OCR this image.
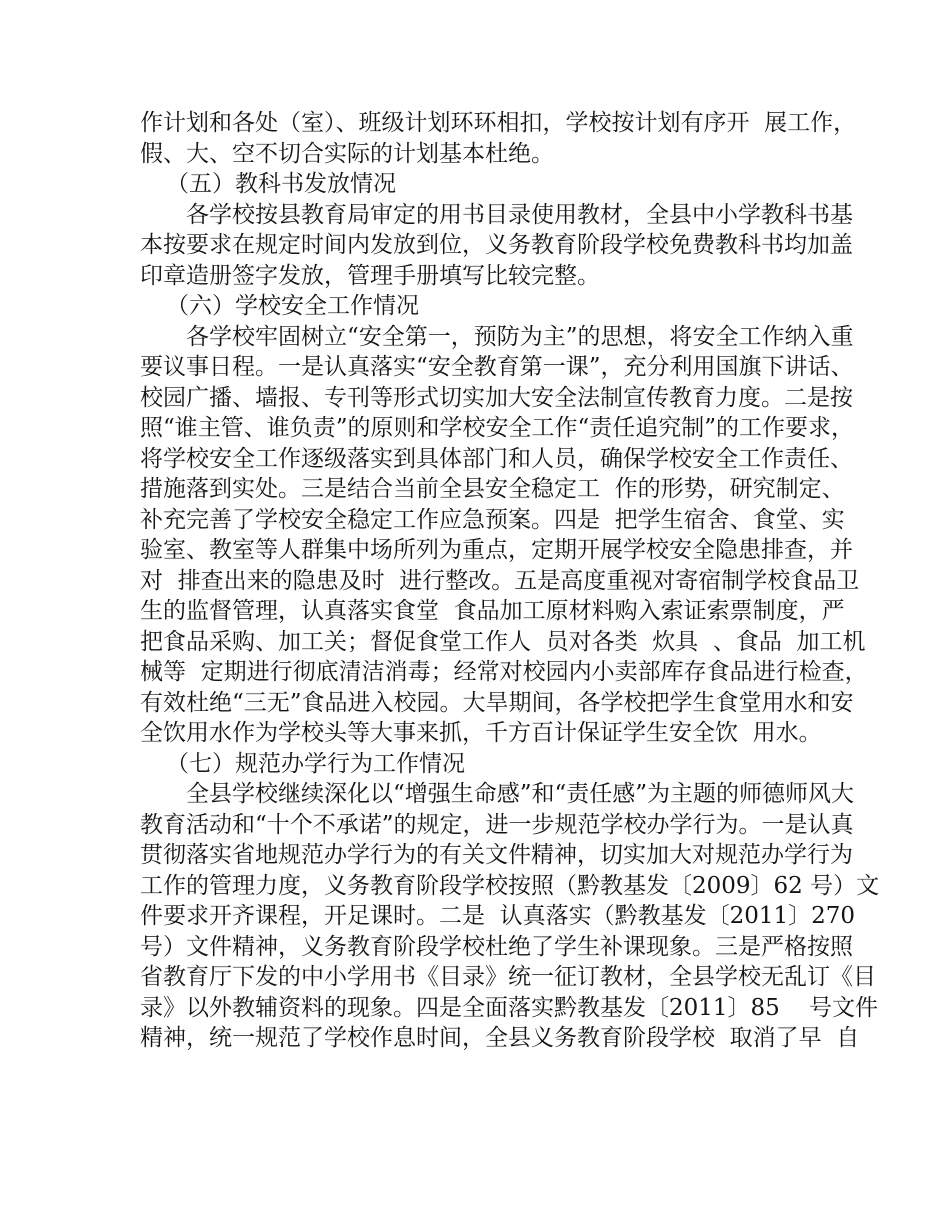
作计划和各处（室）、班级计划环环相扣，学校按计划有序开  展工作，
假、大、空不切合实际的计划基本杜绝。
（五）教科书发放情况
各学校按县教育局审定的用书目录使用教材，全县中小学教科书基
本按要求在规定时间内发放到位，义务教育阶段学校免费教科书均加盖
印章造册签字发放，管理手册填写比较完整。
（六）学校安全工作情况
各学校牢固树立“安全第一，预防为主”的思想，将安全工作纳入重
要议事日程。一是认真落实“安全教育第一课”，充分利用国旗下讲话、
校园广播、墙报、专刊等形式切实加大安全法制宣传教育力度。二是按
照“谁主管、谁负责”的原则和学校安全工作“责任追究制”的工作要求，
将学校安全工作逐级落实到具体部门和人员，确保学校安全工作责任、
措施落到实处。三是结合当前全县安全稳定工  作的形势，研究制定、
补充完善了学校安全稳定工作应急预案。四是  把学生宿舍、食堂、实
验室、教室等人群集中场所列为重点，定期开展学校安全隐患排查，并
对  排查出来的隐患及时  进行整改。五是高度重视对寄宿制学校食品卫
生的监督管理，认真落实食堂  食品加工原材料购入索证索票制度，严
把食品采购、加工关；督促食堂工作人  员对各类  炊具  、食品  加工机
械等  定期进行彻底清洁消毒；经常对校园内小卖部库存食品进行检查，
有效杜绝“三无”食品进入校园。大旱期间，各学校把学生食堂用水和安
全饮用水作为学校头等大事来抓，千方百计保证学生安全饮  用水。
（七）规范办学行为工作情况
全县学校继续深化以“增强生命感”和“责任感”为主题的师德师风大
教育活动和“十个不承诺”的规定，进一步规范学校办学行为。一是认真
贯彻落实省地规范办学行为的有关文件精神，切实加大对规范办学行为
工作的管理力度，义务教育阶段学校按照（黔教基发〔2009〕62 号）文
件要求开齐课程，开足课时。二是  认真落实（黔教基发〔2011〕270
号）文件精神，义务教育阶段学校杜绝了学生补课现象。三是严格按照
省教育厅下发的中小学用书《目录》统一征订教材，全县学校无乱订《目
录》以外教辅资料的现象。四是全面落实黔教基发〔2011〕85    号文件
精神，统一规范了学校作息时间，全县义务教育阶段学校  取消了早  自
